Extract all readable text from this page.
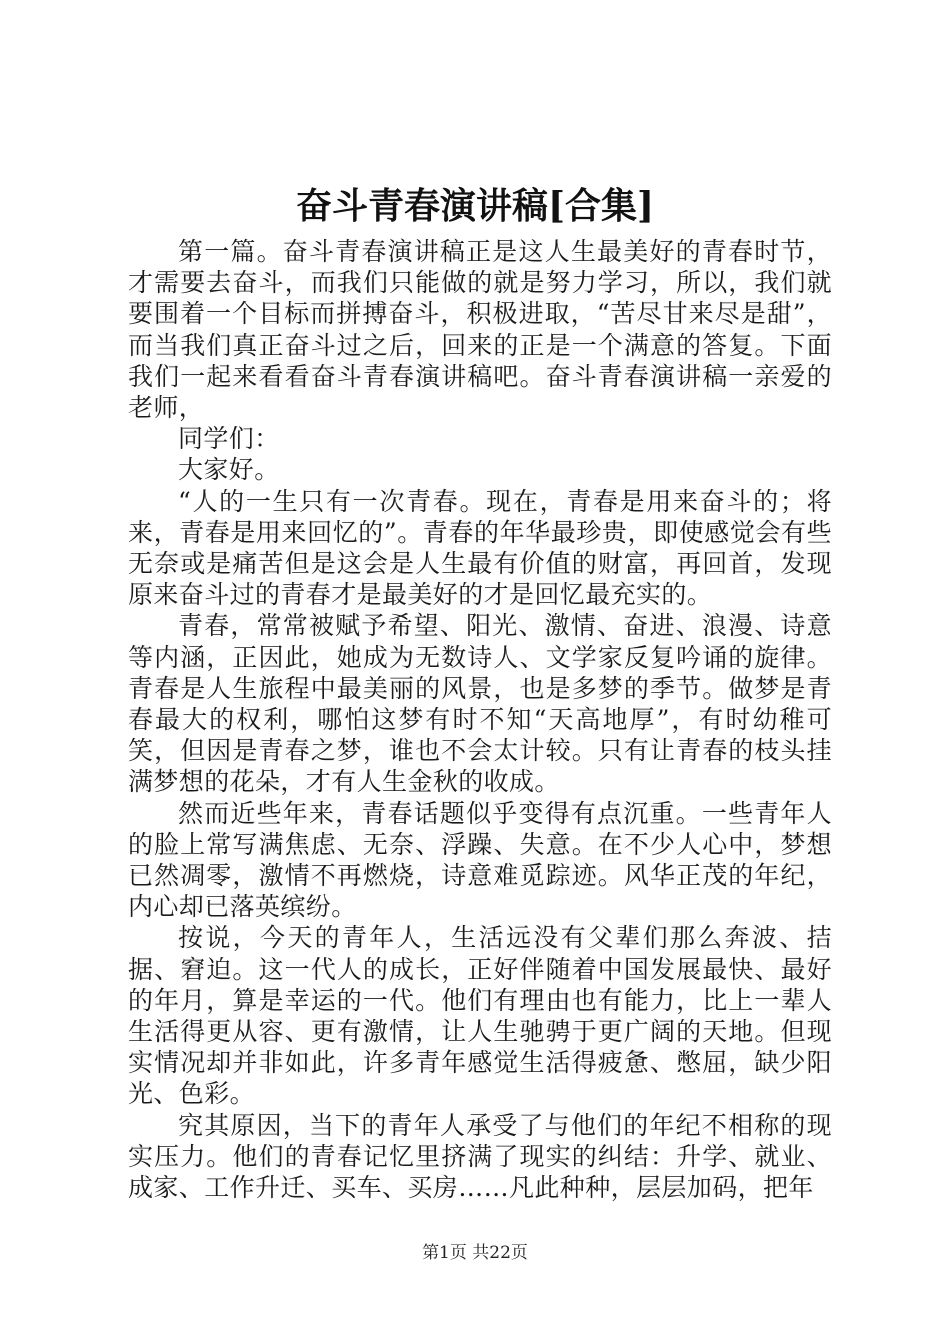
奋斗青春演讲稿[合集]

第一篇。奋斗青春演讲稿正是这人生最美好的青春时节，才需要去奋斗，而我们只能做的就是努力学习，所以，我们就要围着一个目标而拼搏奋斗，积极进取，“苦尽甘来尽是甜”，而当我们真正奋斗过之后，回来的正是一个满意的答复。下面我们一起来看看奋斗青春演讲稿吧。奋斗青春演讲稿一亲爱的老师，

同学们：

大家好。

“人的一生只有一次青春。现在，青春是用来奋斗的；将来，青春是用来回忆的”。青春的年华最珍贵，即使感觉会有些无奈或是痛苦但是这会是人生最有价值的财富，再回首，发现原来奋斗过的青春才是最美好的才是回忆最充实的。

青春，常常被赋予希望、阳光、激情、奋进、浪漫、诗意等内涵，正因此，她成为无数诗人、文学家反复吟诵的旋律。青春是人生旅程中最美丽的风景，也是多梦的季节。做梦是青春最大的权利，哪怕这梦有时不知“天高地厚”，有时幼稚可笑，但因是青春之梦，谁也不会太计较。只有让青春的枝头挂满梦想的花朵，才有人生金秋的收成。

然而近些年来，青春话题似乎变得有点沉重。一些青年人的脸上常写满焦虑、无奈、浮躁、失意。在不少人心中，梦想已然凋零，激情不再燃烧，诗意难觅踪迹。风华正茂的年纪，内心却已落英缤纷。

按说，今天的青年人，生活远没有父辈们那么奔波、拮据、窘迫。这一代人的成长，正好伴随着中国发展最快、最好的年月，算是幸运的一代。他们有理由也有能力，比上一辈人生活得更从容、更有激情，让人生驰骋于更广阔的天地。但现实情况却并非如此，许多青年感觉生活得疲惫、憋屈，缺少阳光、色彩。

究其原因，当下的青年人承受了与他们的年纪不相称的现实压力。他们的青春记忆里挤满了现实的纠结：升学、就业、成家、工作升迁、买车、买房……凡此种种，层层加码，把年

第1页 共22页
